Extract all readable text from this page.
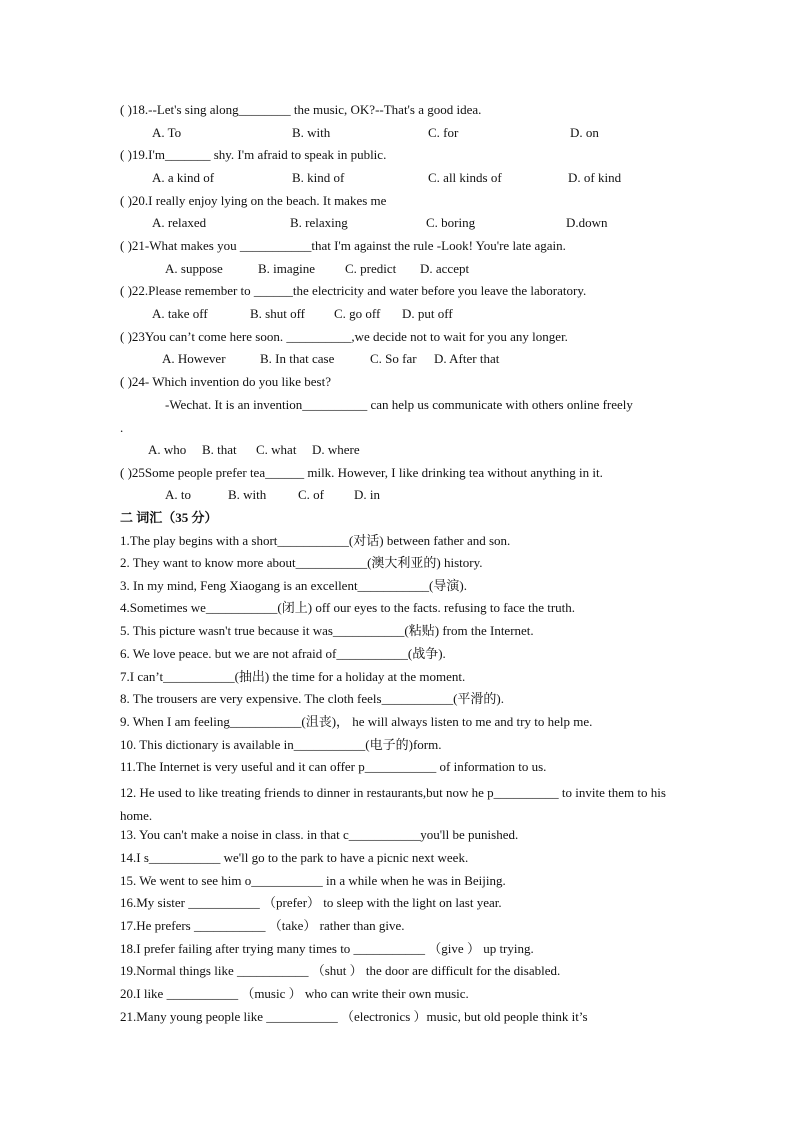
( )18.--Let's sing along________ the music, OK?--That's a good idea.
A. To	B. with	C. for	D. on
( )19.I'm_______ shy. I'm afraid to speak in public.
A. a kind of	B. kind of	C. all kinds of	D. of kind
( )20.I really enjoy lying on the beach. It makes me
A. relaxed	B. relaxing	C. boring	D.down
( )21-What makes you ___________that I'm against the rule -Look! You're late again.
A. suppose	B. imagine C. predict D. accept
( )22.Please remember to ______the electricity and water before you leave the laboratory.
A. take off	B. shut off C. go off D. put off
( )23You can’t come here soon. __________,we decide not to wait for you any longer.
A. However	B. In that case	C. So far D. After that
( )24- Which invention do you like best?
-Wechat. It is an invention__________ can help us communicate with others online freely
.
A. who B. that C. what D. where
( )25Some people prefer tea______ milk. However, I like drinking tea without anything in it.
A. to	B. with C. of D. in
二 词汇（35 分）
1.The play begins with a short___________(对话) between father and son.
2. They want to know more about___________(澳大利亚的) history.
3. In my mind, Feng Xiaogang is an excellent___________(导演).
4.Sometimes we___________(闭上) off our eyes to the facts. refusing to face the truth.
5. This picture wasn't true because it was___________(粘贴) from the Internet.
6. We love peace. but we are not afraid of___________(战争).
7.I can’t___________(抽出) the time for a holiday at the moment.
8. The trousers are very expensive. The cloth feels___________(平滑的).
9. When I am feeling___________(沮丧)， he will always listen to me and try to help me.
10. This dictionary is available in___________(电子的)form.
11.The Internet is very useful and it can offer p___________ of information to us.
12. He used to like treating friends to dinner in restaurants,but now he p__________ to invite them to his home.
13. You can't make a noise in class. in that c___________you'll be punished.
14.I s___________ we'll go to the park to have a picnic next week.
15. We went to see him o___________ in a while when he was in Beijing.
16.My sister ___________ （prefer） to sleep with the light on last year.
17.He prefers ___________ （take） rather than give.
18.I prefer failing after trying many times to ___________ （give ） up trying.
19.Normal things like ___________ （shut ） the door are difficult for the disabled.
20.I like ___________ （music ） who can write their own music.
21.Many young people like ___________ （electronics ）music, but old people think it’s
